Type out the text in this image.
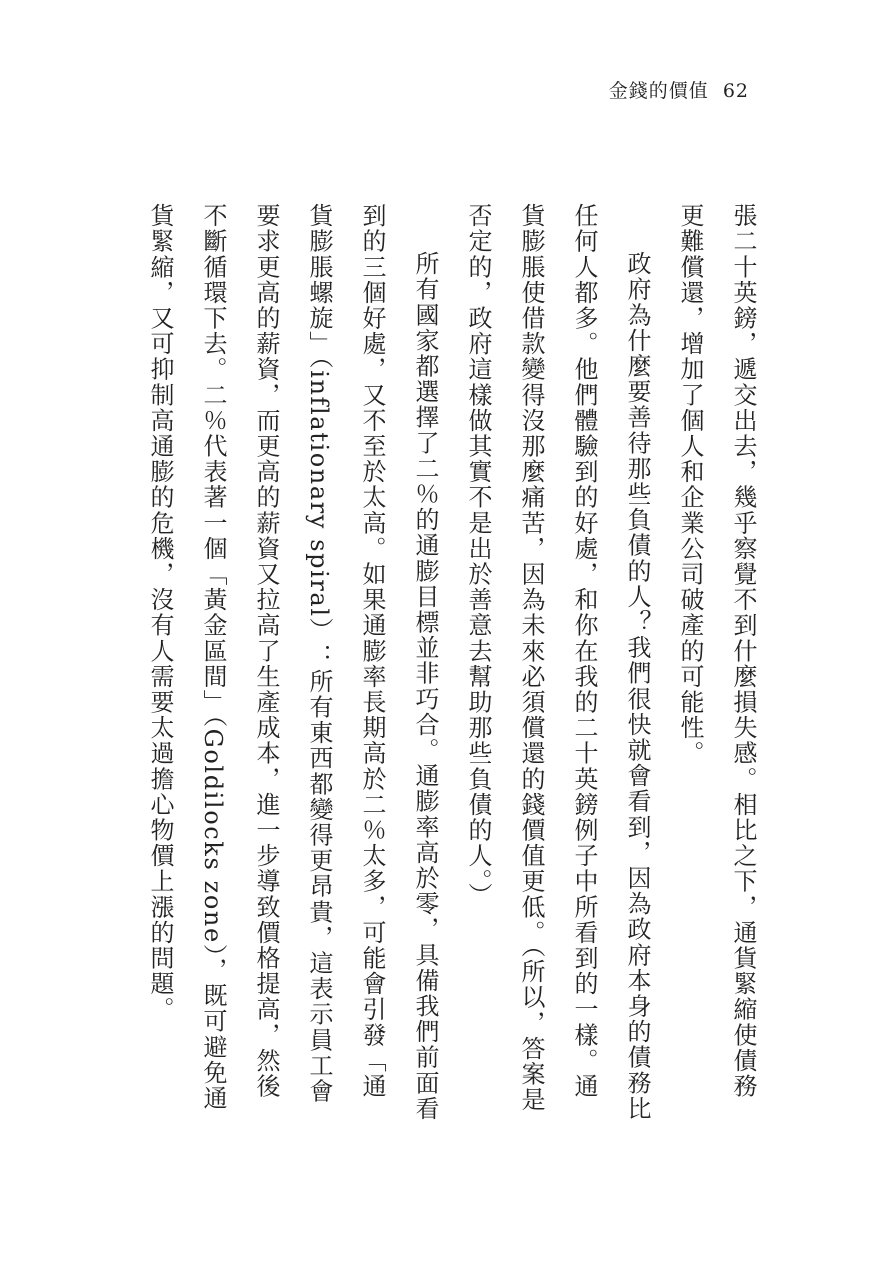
金錢的價值 62

張二十英鎊，遞交出去，幾乎察覺不到什麼損失感。相比之下，通貨緊縮使債務更難償還，增加了個人和企業公司破產的可能性。

政府為什麼要善待那些負債的人？我們很快就會看到，因為政府本身的債務比任何人都多。他們體驗到的好處，和你在我的二十英鎊例子中所看到的一樣。通貨膨脹使借款變得沒那麼痛苦，因為未來必須償還的錢價值更低。（所以，答案是否定的，政府這樣做其實不是出於善意去幫助那些負債的人。）

所有國家都選擇了二％的通膨目標並非巧合。通膨率高於零，具備我們前面看到的三個好處，又不至於太高。如果通膨率長期高於二％太多，可能會引發「通貨膨脹螺旋」（inflationary spiral）：所有東西都變得更昂貴，這表示員工會要求更高的薪資，而更高的薪資又拉高了生產成本，進一步導致價格提高，然後不斷循環下去。二％代表著一個「黃金區間」（Goldilocks zone），既可避免通貨緊縮，又可抑制高通膨的危機，沒有人需要太過擔心物價上漲的問題。
